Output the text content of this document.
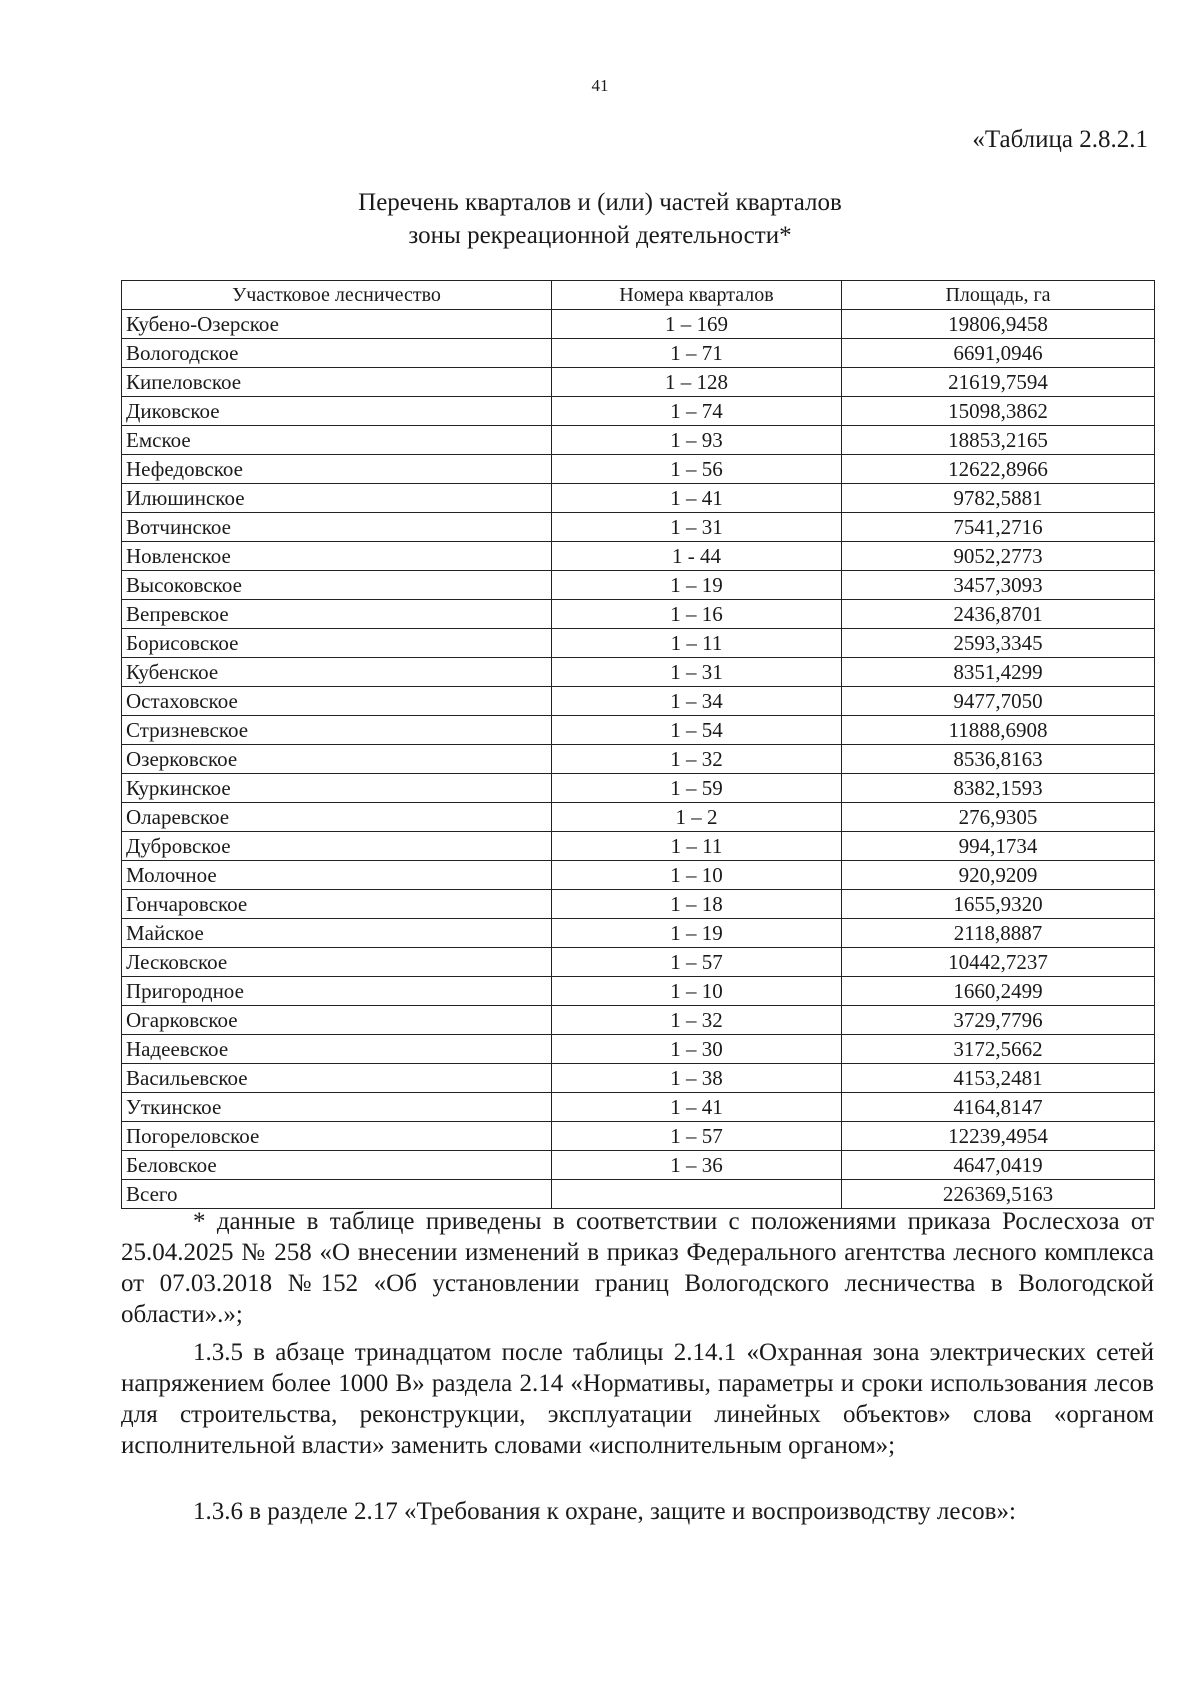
41
«Таблица 2.8.2.1
Перечень кварталов и (или) частей кварталов
зоны рекреационной деятельности*
Участковое лесничество	Номера кварталов	Площадь, га
Кубено-Озерское	1 – 169	19806,9458
Вологодское	1 – 71	6691,0946
Кипеловское	1 – 128	21619,7594
Диковское	1 – 74	15098,3862
Емское	1 – 93	18853,2165
Нефедовское	1 – 56	12622,8966
Илюшинское	1 – 41	9782,5881
Вотчинское	1 – 31	7541,2716
Новленское	1 - 44	9052,2773
Высоковское	1 – 19	3457,3093
Вепревское	1 – 16	2436,8701
Борисовское	1 – 11	2593,3345
Кубенское	1 – 31	8351,4299
Остаховское	1 – 34	9477,7050
Стризневское	1 – 54	11888,6908
Озерковское	1 – 32	8536,8163
Куркинское	1 – 59	8382,1593
Оларевское	1 – 2	276,9305
Дубровское	1 – 11	994,1734
Молочное	1 – 10	920,9209
Гончаровское	1 – 18	1655,9320
Майское	1 – 19	2118,8887
Лесковское	1 – 57	10442,7237
Пригородное	1 – 10	1660,2499
Огарковское	1 – 32	3729,7796
Надеевское	1 – 30	3172,5662
Васильевское	1 – 38	4153,2481
Уткинское	1 – 41	4164,8147
Погореловское	1 – 57	12239,4954
Беловское	1 – 36	4647,0419
Всего		226369,5163
* данные в таблице приведены в соответствии с положениями приказа Рослесхоза от 25.04.2025 № 258 «О внесении изменений в приказ Федерального агентства лесного комплекса от 07.03.2018 №152 «Об установлении границ Вологодского лесничества в Вологодской области».»;
1.3.5 в абзаце тринадцатом после таблицы 2.14.1 «Охранная зона электрических сетей напряжением более 1000 В» раздела 2.14 «Нормативы, параметры и сроки использования лесов для строительства, реконструкции, эксплуатации линейных объектов» слова «органом исполнительной власти» заменить словами «исполнительным органом»;
1.3.6 в разделе 2.17 «Требования к охране, защите и воспроизводству лесов»:
